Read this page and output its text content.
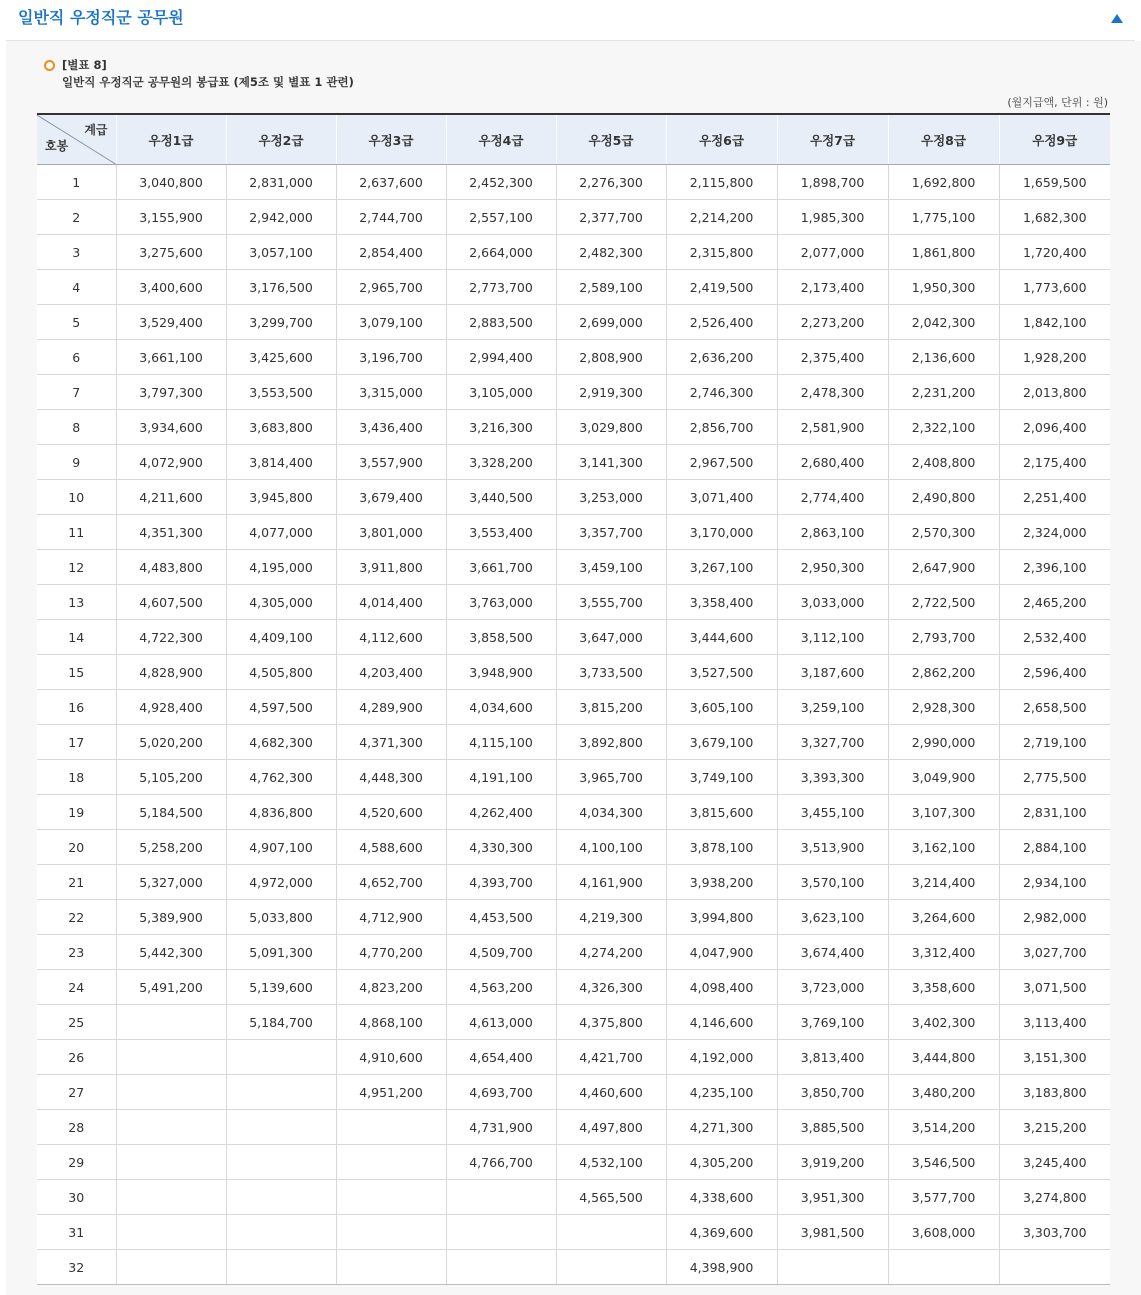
일반직 우정직군 공무원
[별표 8]
일반직 우정직군 공무원의 봉급표 (제5조 및 별표 1 관련)
(월지급액, 단위 : 원)
계급
호봉	우정1급	우정2급	우정3급	우정4급	우정5급	우정6급	우정7급	우정8급	우정9급
1	3,040,800	2,831,000	2,637,600	2,452,300	2,276,300	2,115,800	1,898,700	1,692,800	1,659,500
2	3,155,900	2,942,000	2,744,700	2,557,100	2,377,700	2,214,200	1,985,300	1,775,100	1,682,300
3	3,275,600	3,057,100	2,854,400	2,664,000	2,482,300	2,315,800	2,077,000	1,861,800	1,720,400
4	3,400,600	3,176,500	2,965,700	2,773,700	2,589,100	2,419,500	2,173,400	1,950,300	1,773,600
5	3,529,400	3,299,700	3,079,100	2,883,500	2,699,000	2,526,400	2,273,200	2,042,300	1,842,100
6	3,661,100	3,425,600	3,196,700	2,994,400	2,808,900	2,636,200	2,375,400	2,136,600	1,928,200
7	3,797,300	3,553,500	3,315,000	3,105,000	2,919,300	2,746,300	2,478,300	2,231,200	2,013,800
8	3,934,600	3,683,800	3,436,400	3,216,300	3,029,800	2,856,700	2,581,900	2,322,100	2,096,400
9	4,072,900	3,814,400	3,557,900	3,328,200	3,141,300	2,967,500	2,680,400	2,408,800	2,175,400
10	4,211,600	3,945,800	3,679,400	3,440,500	3,253,000	3,071,400	2,774,400	2,490,800	2,251,400
11	4,351,300	4,077,000	3,801,000	3,553,400	3,357,700	3,170,000	2,863,100	2,570,300	2,324,000
12	4,483,800	4,195,000	3,911,800	3,661,700	3,459,100	3,267,100	2,950,300	2,647,900	2,396,100
13	4,607,500	4,305,000	4,014,400	3,763,000	3,555,700	3,358,400	3,033,000	2,722,500	2,465,200
14	4,722,300	4,409,100	4,112,600	3,858,500	3,647,000	3,444,600	3,112,100	2,793,700	2,532,400
15	4,828,900	4,505,800	4,203,400	3,948,900	3,733,500	3,527,500	3,187,600	2,862,200	2,596,400
16	4,928,400	4,597,500	4,289,900	4,034,600	3,815,200	3,605,100	3,259,100	2,928,300	2,658,500
17	5,020,200	4,682,300	4,371,300	4,115,100	3,892,800	3,679,100	3,327,700	2,990,000	2,719,100
18	5,105,200	4,762,300	4,448,300	4,191,100	3,965,700	3,749,100	3,393,300	3,049,900	2,775,500
19	5,184,500	4,836,800	4,520,600	4,262,400	4,034,300	3,815,600	3,455,100	3,107,300	2,831,100
20	5,258,200	4,907,100	4,588,600	4,330,300	4,100,100	3,878,100	3,513,900	3,162,100	2,884,100
21	5,327,000	4,972,000	4,652,700	4,393,700	4,161,900	3,938,200	3,570,100	3,214,400	2,934,100
22	5,389,900	5,033,800	4,712,900	4,453,500	4,219,300	3,994,800	3,623,100	3,264,600	2,982,000
23	5,442,300	5,091,300	4,770,200	4,509,700	4,274,200	4,047,900	3,674,400	3,312,400	3,027,700
24	5,491,200	5,139,600	4,823,200	4,563,200	4,326,300	4,098,400	3,723,000	3,358,600	3,071,500
25		5,184,700	4,868,100	4,613,000	4,375,800	4,146,600	3,769,100	3,402,300	3,113,400
26			4,910,600	4,654,400	4,421,700	4,192,000	3,813,400	3,444,800	3,151,300
27			4,951,200	4,693,700	4,460,600	4,235,100	3,850,700	3,480,200	3,183,800
28				4,731,900	4,497,800	4,271,300	3,885,500	3,514,200	3,215,200
29				4,766,700	4,532,100	4,305,200	3,919,200	3,546,500	3,245,400
30					4,565,500	4,338,600	3,951,300	3,577,700	3,274,800
31						4,369,600	3,981,500	3,608,000	3,303,700
32						4,398,900			
